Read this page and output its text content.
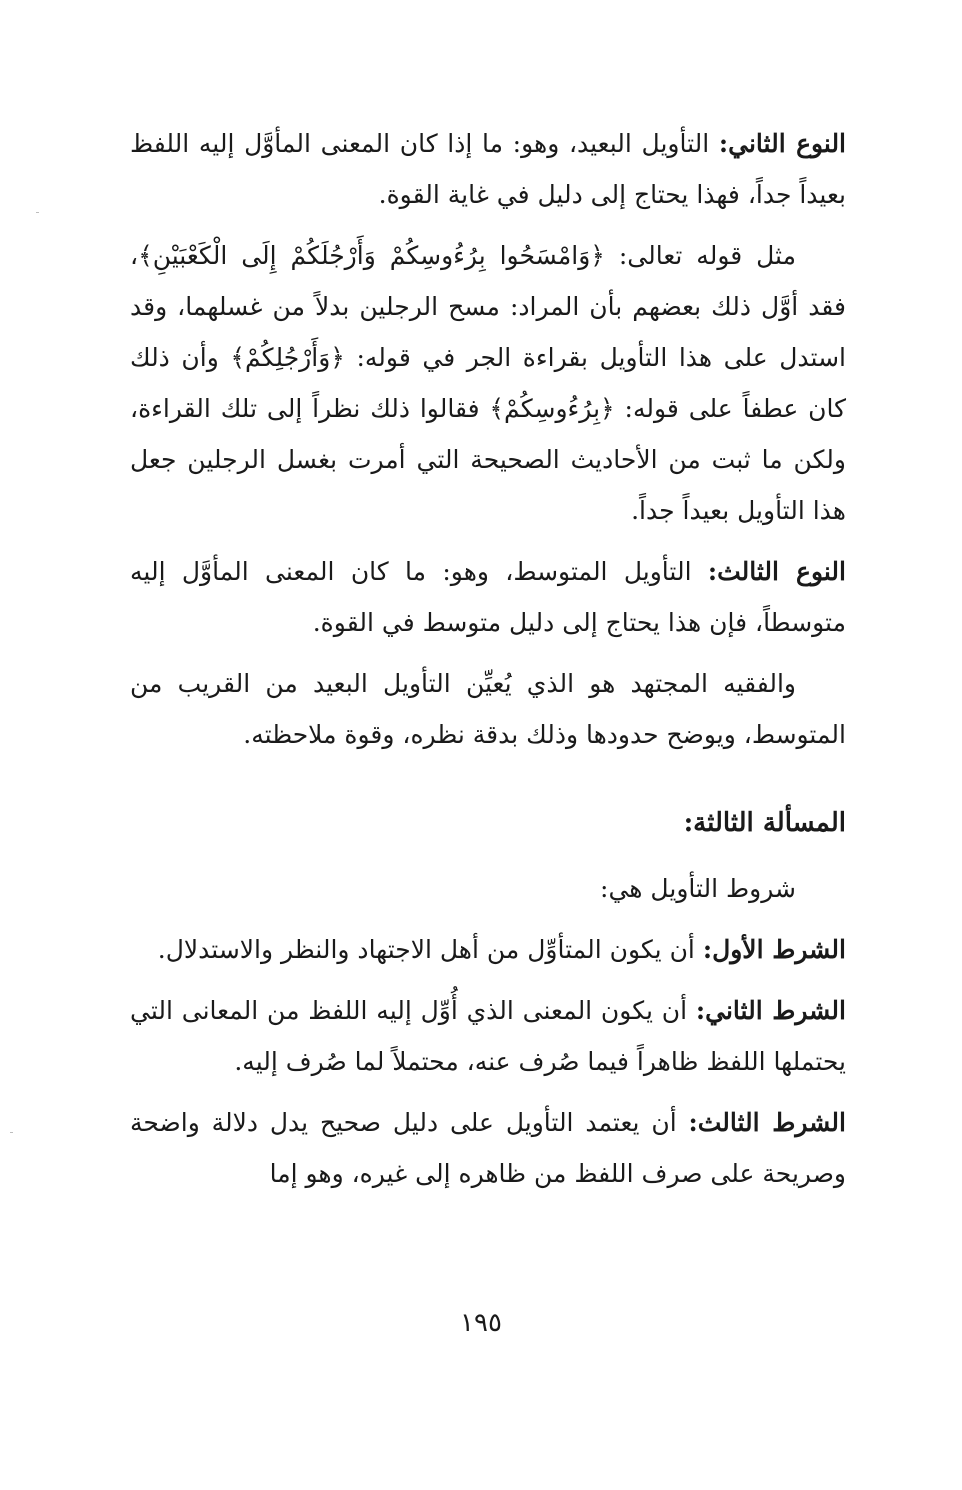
النوع الثاني: التأويل البعيد، وهو: ما إذا كان المعنى المأوَّل إليه اللفظ بعيداً جداً، فهذا يحتاج إلى دليل في غاية القوة.

مثل قوله تعالى: ﴿وَامْسَحُوا بِرُءُوسِكُمْ وَأَرْجُلَكُمْ إِلَى الْكَعْبَيْنِ﴾، فقد أوَّل ذلك بعضهم بأن المراد: مسح الرجلين بدلاً من غسلهما، وقد استدل على هذا التأويل بقراءة الجر في قوله: ﴿وَأَرْجُلِكُمْ﴾ وأن ذلك كان عطفاً على قوله: ﴿بِرُءُوسِكُمْ﴾ فقالوا ذلك نظراً إلى تلك القراءة، ولكن ما ثبت من الأحاديث الصحيحة التي أمرت بغسل الرجلين جعل هذا التأويل بعيداً جداً.

النوع الثالث: التأويل المتوسط، وهو: ما كان المعنى المأوَّل إليه متوسطاً، فإن هذا يحتاج إلى دليل متوسط في القوة.

والفقيه المجتهد هو الذي يُعيِّن التأويل البعيد من القريب من المتوسط، ويوضح حدودها وذلك بدقة نظره، وقوة ملاحظته.

المسألة الثالثة:

شروط التأويل هي:

الشرط الأول: أن يكون المتأوِّل من أهل الاجتهاد والنظر والاستدلال.

الشرط الثاني: أن يكون المعنى الذي أُوِّل إليه اللفظ من المعانى التي يحتملها اللفظ ظاهراً فيما صُرف عنه، محتملاً لما صُرف إليه.

الشرط الثالث: أن يعتمد التأويل على دليل صحيح يدل دلالة واضحة وصريحة على صرف اللفظ من ظاهره إلى غيره، وهو إما

١٩٥
